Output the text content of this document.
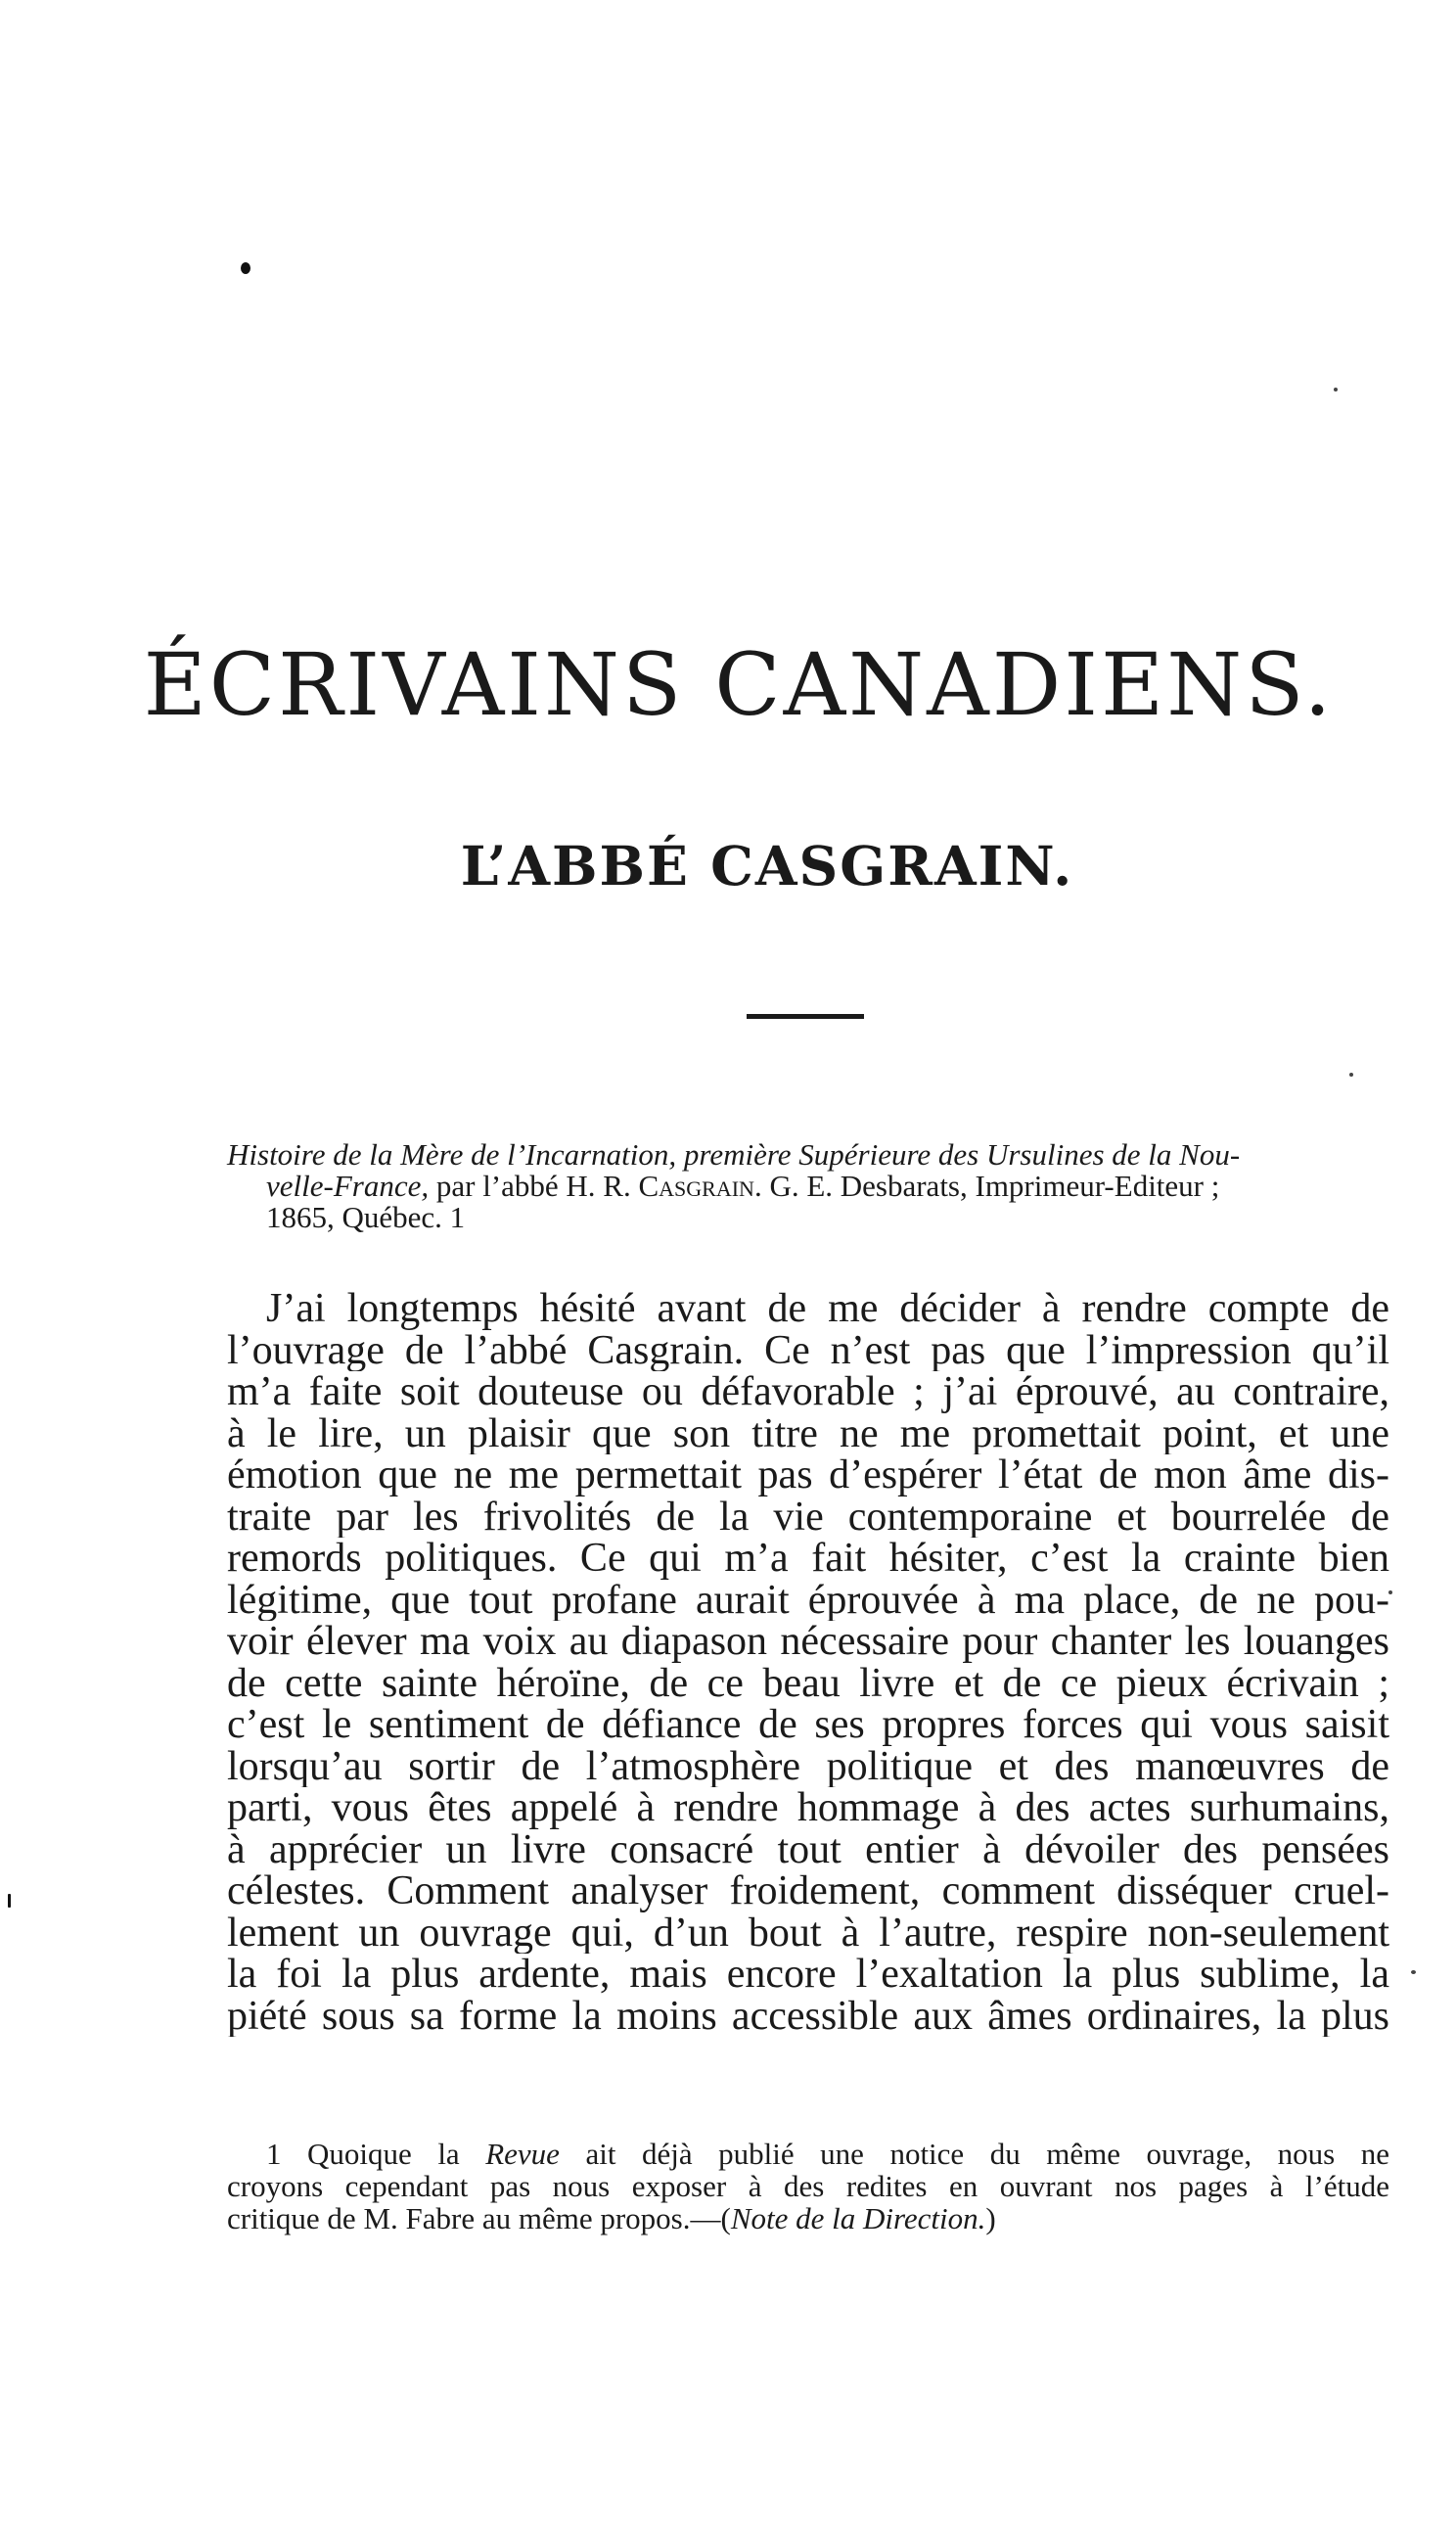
ÉCRIVAINS CANADIENS.
L’ABBÉ CASGRAIN.
Histoire de la Mère de l’Incarnation, première Supérieure des Ursulines de la Nou-
velle-France, par l’abbé H. R. Casgrain. G. E. Desbarats, Imprimeur-Editeur ;
1865, Québec. 1
J’ai longtemps hésité avant de me décider à rendre compte de
l’ouvrage de l’abbé Casgrain. Ce n’est pas que l’impression qu’il
m’a faite soit douteuse ou défavorable ; j’ai éprouvé, au contraire,
à le lire, un plaisir que son titre ne me promettait point, et une
émotion que ne me permettait pas d’espérer l’état de mon âme dis-
traite par les frivolités de la vie contemporaine et bourrelée de
remords politiques. Ce qui m’a fait hésiter, c’est la crainte bien
légitime, que tout profane aurait éprouvée à ma place, de ne pou-
voir élever ma voix au diapason nécessaire pour chanter les louanges
de cette sainte héroïne, de ce beau livre et de ce pieux écrivain ;
c’est le sentiment de défiance de ses propres forces qui vous saisit
lorsqu’au sortir de l’atmosphère politique et des manœuvres de
parti, vous êtes appelé à rendre hommage à des actes surhumains,
à apprécier un livre consacré tout entier à dévoiler des pensées
célestes. Comment analyser froidement, comment disséquer cruel-
lement un ouvrage qui, d’un bout à l’autre, respire non-seulement
la foi la plus ardente, mais encore l’exaltation la plus sublime, la
piété sous sa forme la moins accessible aux âmes ordinaires, la plus
1 Quoique la Revue ait déjà publié une notice du même ouvrage, nous ne
croyons cependant pas nous exposer à des redites en ouvrant nos pages à l’étude
critique de M. Fabre au même propos.—(Note de la Direction.)
